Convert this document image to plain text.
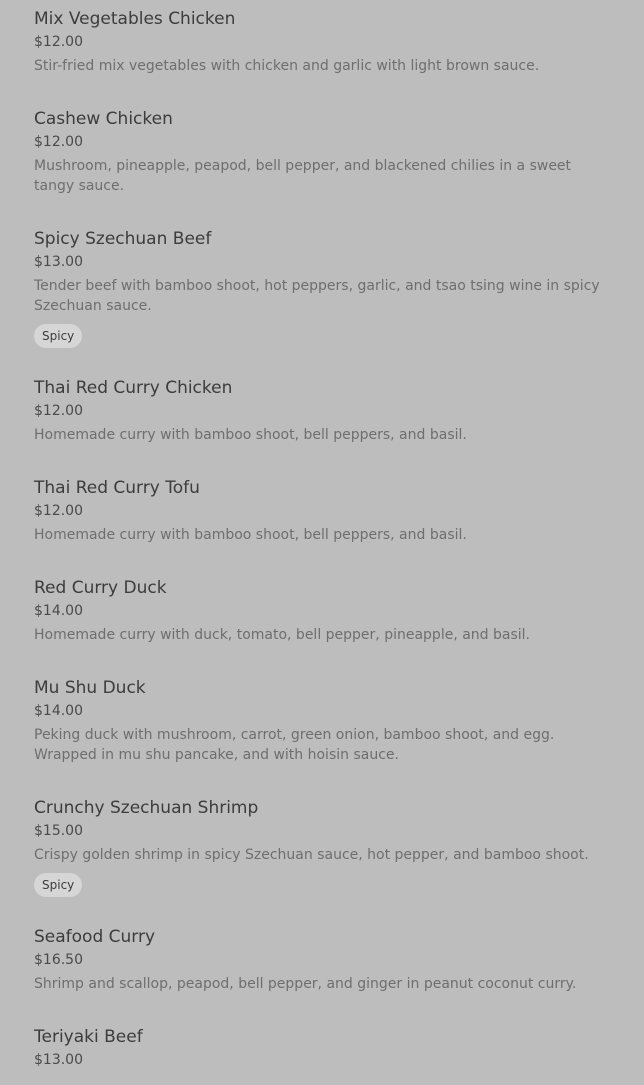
Mix Vegetables Chicken
$12.00
Stir-fried mix vegetables with chicken and garlic with light brown sauce.
Cashew Chicken
$12.00
Mushroom, pineapple, peapod, bell pepper, and blackened chilies in a sweet tangy sauce.
Spicy Szechuan Beef
$13.00
Tender beef with bamboo shoot, hot peppers, garlic, and tsao tsing wine in spicy Szechuan sauce.
Spicy
Thai Red Curry Chicken
$12.00
Homemade curry with bamboo shoot, bell peppers, and basil.
Thai Red Curry Tofu
$12.00
Homemade curry with bamboo shoot, bell peppers, and basil.
Red Curry Duck
$14.00
Homemade curry with duck, tomato, bell pepper, pineapple, and basil.
Mu Shu Duck
$14.00
Peking duck with mushroom, carrot, green onion, bamboo shoot, and egg. Wrapped in mu shu pancake, and with hoisin sauce.
Crunchy Szechuan Shrimp
$15.00
Crispy golden shrimp in spicy Szechuan sauce, hot pepper, and bamboo shoot.
Spicy
Seafood Curry
$16.50
Shrimp and scallop, peapod, bell pepper, and ginger in peanut coconut curry.
Teriyaki Beef
$13.00
